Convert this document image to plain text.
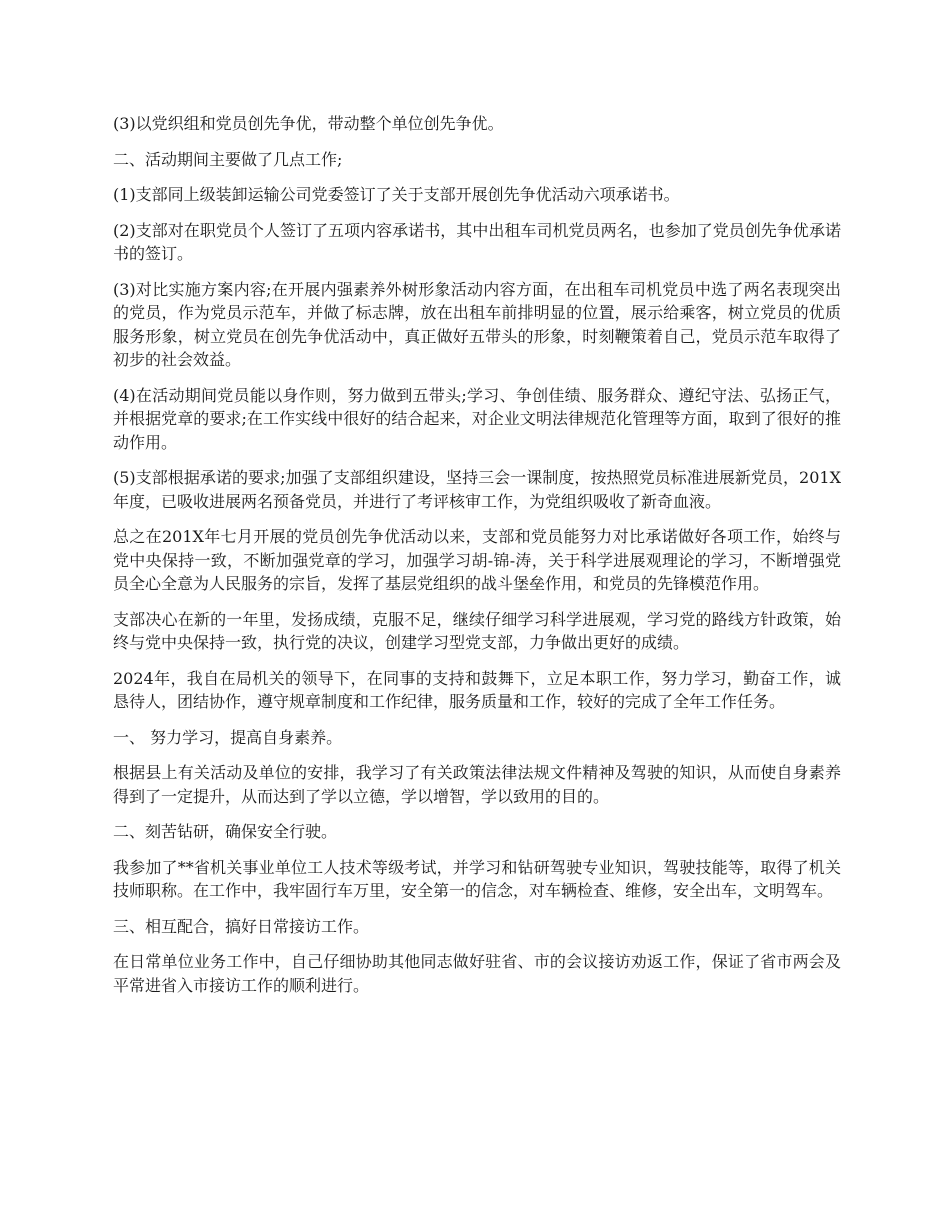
(3)以党织组和党员创先争优，带动整个单位创先争优。

二、活动期间主要做了几点工作;

(1)支部同上级装卸运输公司党委签订了关于支部开展创先争优活动六项承诺书。

(2)支部对在职党员个人签订了五项内容承诺书，其中出租车司机党员两名，也参加了党员创先争优承诺书的签订。

(3)对比实施方案内容;在开展内强素养外树形象活动内容方面，在出租车司机党员中选了两名表现突出的党员，作为党员示范车，并做了标志牌，放在出租车前排明显的位置，展示给乘客，树立党员的优质服务形象，树立党员在创先争优活动中，真正做好五带头的形象，时刻鞭策着自己，党员示范车取得了初步的社会效益。

(4)在活动期间党员能以身作则，努力做到五带头;学习、争创佳绩、服务群众、遵纪守法、弘扬正气，并根据党章的要求;在工作实线中很好的结合起来，对企业文明法律规范化管理等方面，取到了很好的推动作用。

(5)支部根据承诺的要求;加强了支部组织建设，坚持三会一课制度，按热照党员标准进展新党员，201X年度，已吸收进展两名预备党员，并进行了考评核审工作，为党组织吸收了新奇血液。

总之在201X年七月开展的党员创先争优活动以来，支部和党员能努力对比承诺做好各项工作，始终与党中央保持一致，不断加强党章的学习，加强学习胡-锦-涛，关于科学进展观理论的学习，不断增强党员全心全意为人民服务的宗旨，发挥了基层党组织的战斗堡垒作用，和党员的先锋模范作用。

支部决心在新的一年里，发扬成绩，克服不足，继续仔细学习科学进展观，学习党的路线方针政策，始终与党中央保持一致，执行党的决议，创建学习型党支部，力争做出更好的成绩。

2024年，我自在局机关的领导下，在同事的支持和鼓舞下，立足本职工作，努力学习，勤奋工作，诚恳待人，团结协作，遵守规章制度和工作纪律，服务质量和工作，较好的完成了全年工作任务。

一、 努力学习，提高自身素养。

根据县上有关活动及单位的安排，我学习了有关政策法律法规文件精神及驾驶的知识，从而使自身素养得到了一定提升，从而达到了学以立德，学以增智，学以致用的目的。

二、刻苦钻研，确保安全行驶。

我参加了**省机关事业单位工人技术等级考试，并学习和钻研驾驶专业知识，驾驶技能等，取得了机关技师职称。在工作中，我牢固行车万里，安全第一的信念，对车辆检查、维修，安全出车，文明驾车。

三、相互配合，搞好日常接访工作。

在日常单位业务工作中，自己仔细协助其他同志做好驻省、市的会议接访劝返工作，保证了省市两会及平常进省入市接访工作的顺利进行。
